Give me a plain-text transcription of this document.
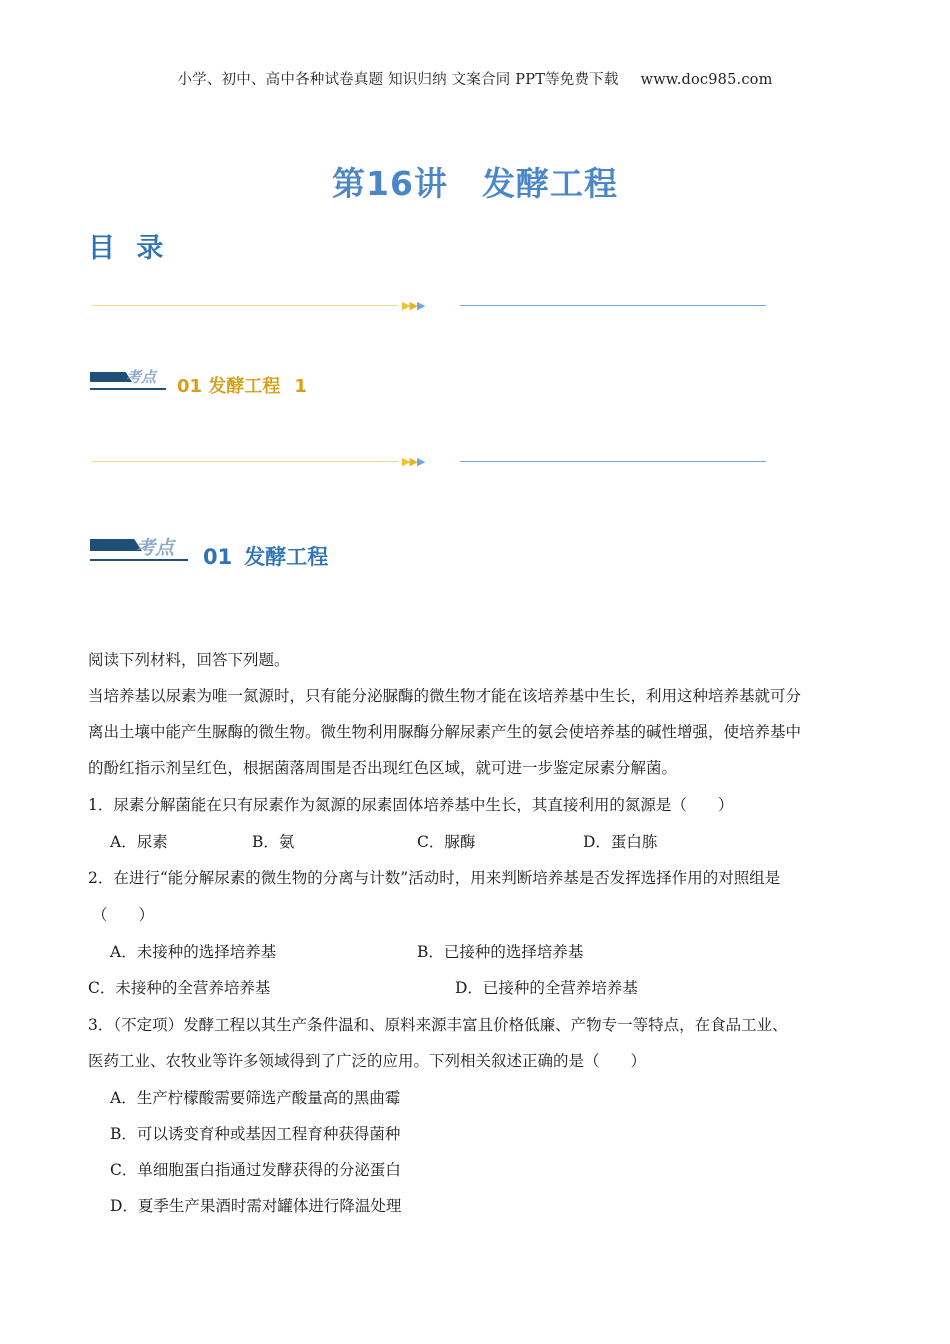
小学、初中、高中各种试卷真题 知识归纳 文案合同 PPT等免费下载 www.doc985.com
第16讲 发酵工程
目 录
▶▶▶
考点 01 发酵工程 1
▶▶▶
考点 01 发酵工程
阅读下列材料，回答下列题。
当培养基以尿素为唯一氮源时，只有能分泌脲酶的微生物才能在该培养基中生长，利用这种培养基就可分
离出土壤中能产生脲酶的微生物。微生物利用脲酶分解尿素产生的氨会使培养基的碱性增强，使培养基中
的酚红指示剂呈红色，根据菌落周围是否出现红色区域，就可进一步鉴定尿素分解菌。
1．尿素分解菌能在只有尿素作为氮源的尿素固体培养基中生长，其直接利用的氮源是（　　）
A．尿素	B．氨	C．脲酶	D．蛋白胨
2．在进行“能分解尿素的微生物的分离与计数”活动时，用来判断培养基是否发挥选择作用的对照组是
（　　）
A．未接种的选择培养基	B．已接种的选择培养基
C．未接种的全营养培养基	D．已接种的全营养培养基
3．（不定项）发酵工程以其生产条件温和、原料来源丰富且价格低廉、产物专一等特点，在食品工业、
医药工业、农牧业等许多领域得到了广泛的应用。下列相关叙述正确的是（　　）
A．生产柠檬酸需要筛选产酸量高的黑曲霉
B．可以诱变育种或基因工程育种获得菌种
C．单细胞蛋白指通过发酵获得的分泌蛋白
D．夏季生产果酒时需对罐体进行降温处理
